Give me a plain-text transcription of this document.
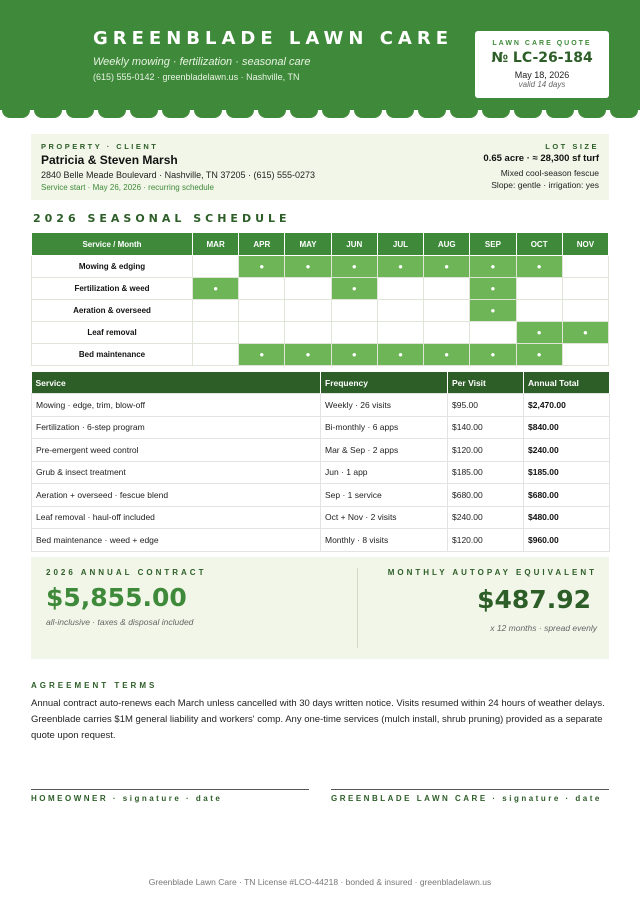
GREENBLADE LAWN CARE
Weekly mowing · fertilization · seasonal care
(615) 555-0142 · greenbladelawn.us · Nashville, TN
LAWN CARE QUOTE
№ LC-26-184
May 18, 2026
valid 14 days
PROPERTY · CLIENT
Patricia & Steven Marsh
2840 Belle Meade Boulevard · Nashville, TN 37205 · (615) 555-0273
Service start · May 26, 2026 · recurring schedule
LOT SIZE
0.65 acre · ≈ 28,300 sf turf
Mixed cool-season fescue
Slope: gentle · irrigation: yes
2026 SEASONAL SCHEDULE
Service / Month	MAR	APR	MAY	JUN	JUL	AUG	SEP	OCT	NOV
Mowing & edging		●	●	●	●	●	●	●	
Fertilization & weed	●			●			●		
Aeration & overseed							●		
Leaf removal								●	●
Bed maintenance		●	●	●	●	●	●	●	
Service	Frequency	Per Visit	Annual Total
Mowing · edge, trim, blow-off	Weekly · 26 visits	$95.00	$2,470.00
Fertilization · 6-step program	Bi-monthly · 6 apps	$140.00	$840.00
Pre-emergent weed control	Mar & Sep · 2 apps	$120.00	$240.00
Grub & insect treatment	Jun · 1 app	$185.00	$185.00
Aeration + overseed · fescue blend	Sep · 1 service	$680.00	$680.00
Leaf removal · haul-off included	Oct + Nov · 2 visits	$240.00	$480.00
Bed maintenance · weed + edge	Monthly · 8 visits	$120.00	$960.00
2026 ANNUAL CONTRACT
$5,855.00
all-inclusive · taxes & disposal included
MONTHLY AUTOPAY EQUIVALENT
$487.92
x 12 months · spread evenly
AGREEMENT TERMS
Annual contract auto-renews each March unless cancelled with 30 days written notice. Visits resumed within 24 hours of weather delays. Greenblade carries $1M general liability and workers' comp. Any one-time services (mulch install, shrub pruning) provided as a separate quote upon request.
HOMEOWNER · signature · date	GREENBLADE LAWN CARE · signature · date
Greenblade Lawn Care · TN License #LCO-44218 · bonded & insured · greenbladelawn.us
